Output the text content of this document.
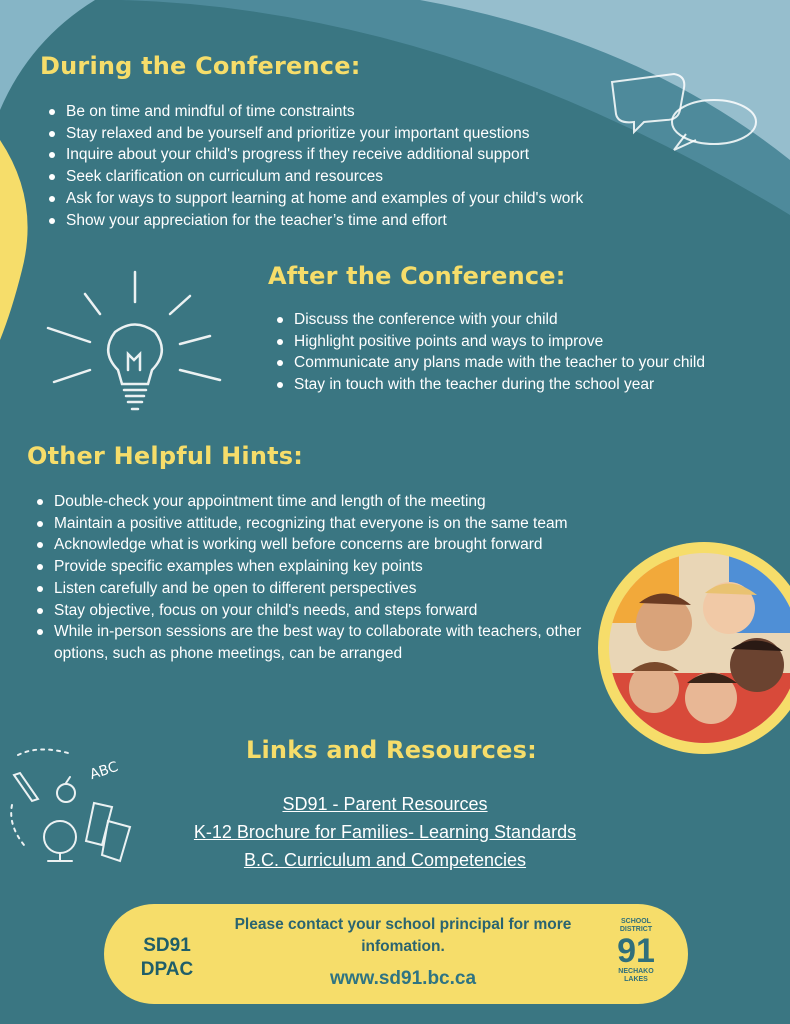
ABC
During the Conference:
Be on time and mindful of time constraints
Stay relaxed and be yourself and prioritize your important questions
Inquire about your child's progress if they receive additional support
Seek clarification on curriculum and resources
Ask for ways to support learning at home and examples of your child's work
Show your appreciation for the teacher’s time and effort
After the Conference:
Discuss the conference with your child
Highlight positive points and ways to improve
Communicate any plans made with the teacher to your child
Stay in touch with the teacher during the school year
Other Helpful Hints:
Double-check your appointment time and length of the meeting
Maintain a positive attitude, recognizing that everyone is on the same team
Acknowledge what is working well before concerns are brought forward
Provide specific examples when explaining key points
Listen carefully and be open to different perspectives
Stay objective, focus on your child's needs, and steps forward
While in-person sessions are the best way to collaborate with teachers, other options, such as phone meetings, can be arranged
Links and Resources:
SD91 - Parent Resources
K-12 Brochure for Families- Learning Standards
B.C. Curriculum and Competencies
SD91
DPAC
Please contact your school principal for more infomation.
www.sd91.bc.ca
SCHOOL
DISTRICT
91
NECHAKO
LAKES
